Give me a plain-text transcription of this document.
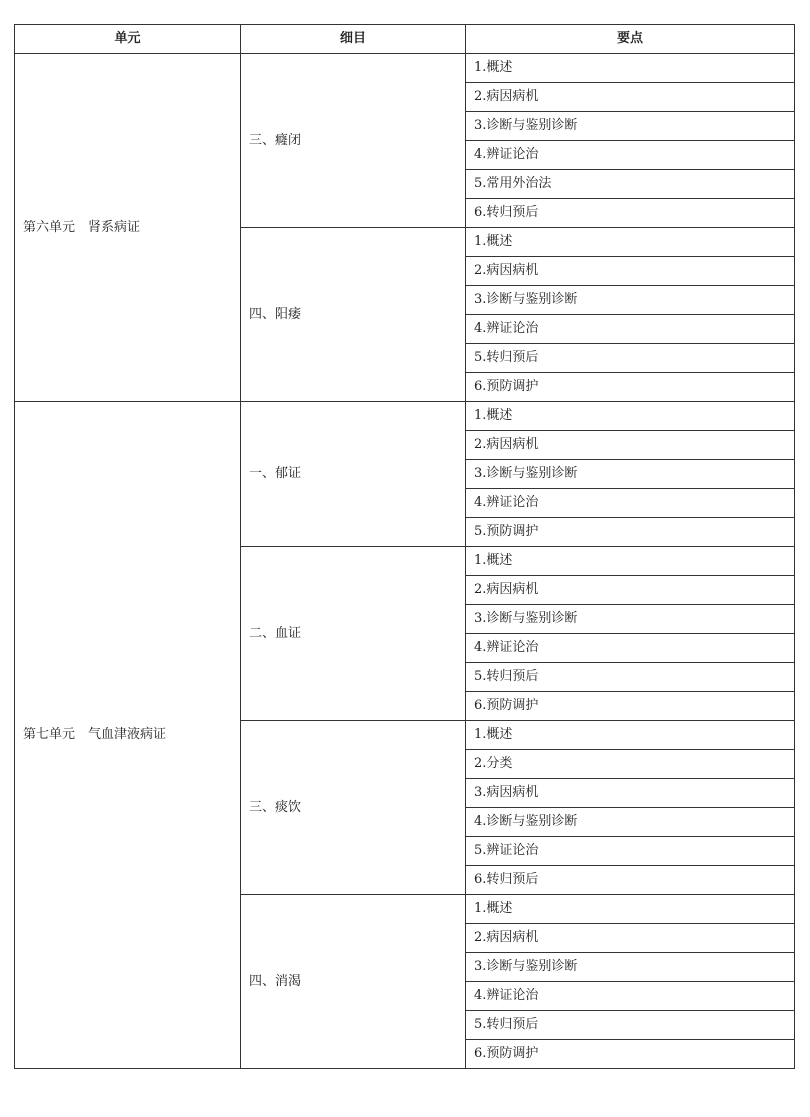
单元	细目	要点
第六单元　肾系病证	三、癃闭	1.概述
		2.病因病机
		3.诊断与鉴别诊断
		4.辨证论治
		5.常用外治法
		6.转归预后
	四、阳痿	1.概述
		2.病因病机
		3.诊断与鉴别诊断
		4.辨证论治
		5.转归预后
		6.预防调护
第七单元　气血津液病证	一、郁证	1.概述
		2.病因病机
		3.诊断与鉴别诊断
		4.辨证论治
		5.预防调护
	二、血证	1.概述
		2.病因病机
		3.诊断与鉴别诊断
		4.辨证论治
		5.转归预后
		6.预防调护
	三、痰饮	1.概述
		2.分类
		3.病因病机
		4.诊断与鉴别诊断
		5.辨证论治
		6.转归预后
	四、消渴	1.概述
		2.病因病机
		3.诊断与鉴别诊断
		4.辨证论治
		5.转归预后
		6.预防调护
